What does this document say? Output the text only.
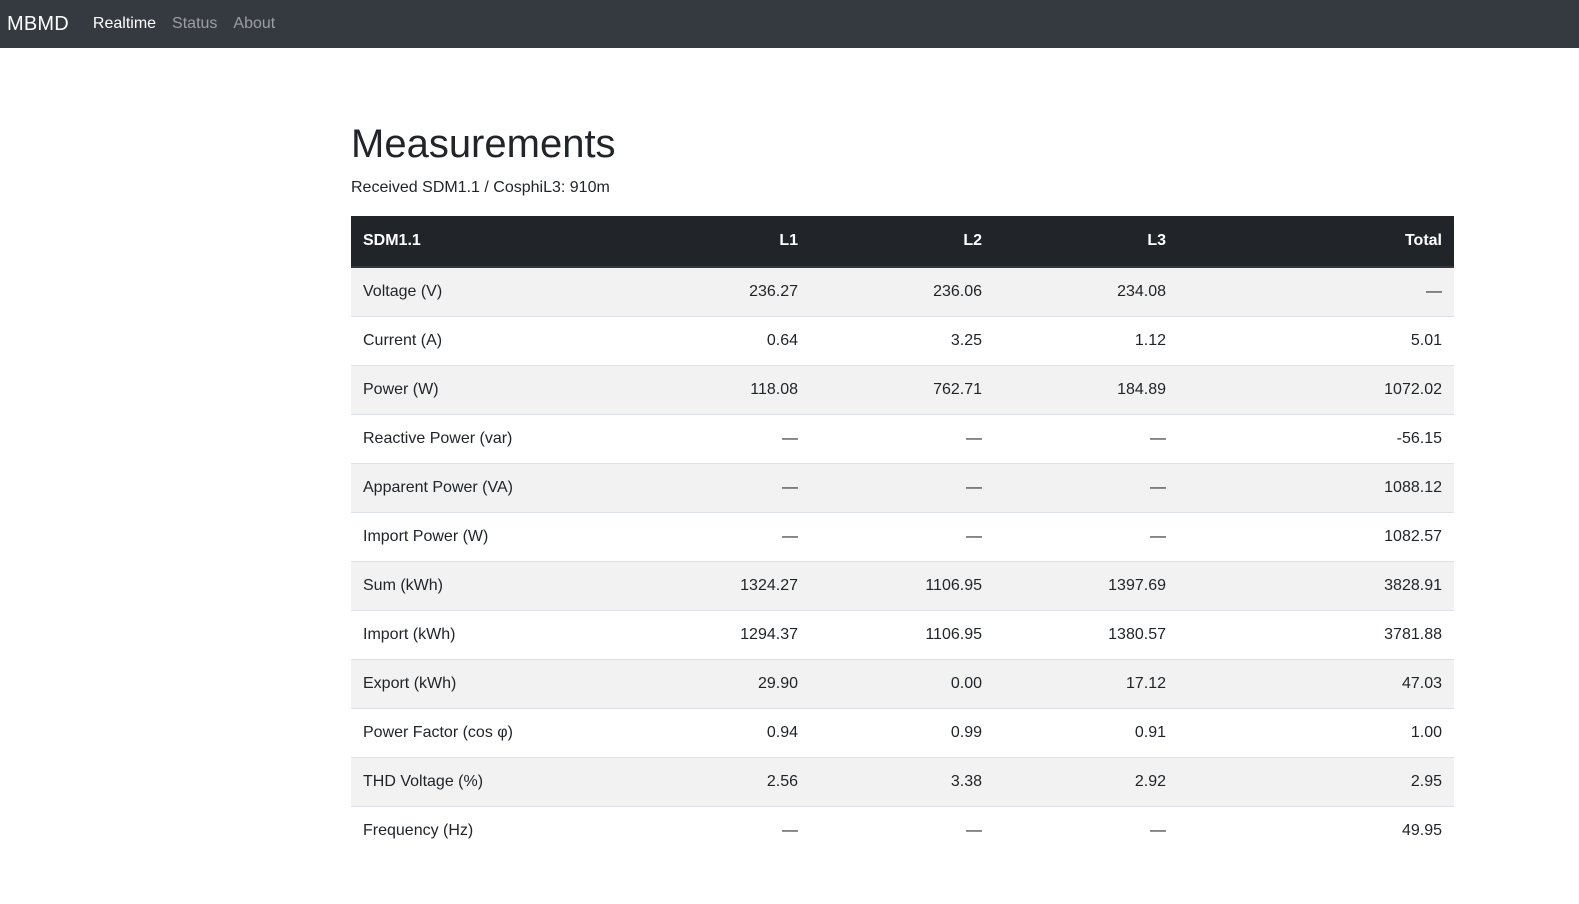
MBMD Realtime Status About
Measurements
Received SDM1.1 / CosphiL3: 910m
SDM1.1	L1	L2	L3	Total
Voltage (V)	236.27	236.06	234.08	—
Current (A)	0.64	3.25	1.12	5.01
Power (W)	118.08	762.71	184.89	1072.02
Reactive Power (var)	—	—	—	-56.15
Apparent Power (VA)	—	—	—	1088.12
Import Power (W)	—	—	—	1082.57
Sum (kWh)	1324.27	1106.95	1397.69	3828.91
Import (kWh)	1294.37	1106.95	1380.57	3781.88
Export (kWh)	29.90	0.00	17.12	47.03
Power Factor (cos φ)	0.94	0.99	0.91	1.00
THD Voltage (%)	2.56	3.38	2.92	2.95
Frequency (Hz)	—	—	—	49.95
